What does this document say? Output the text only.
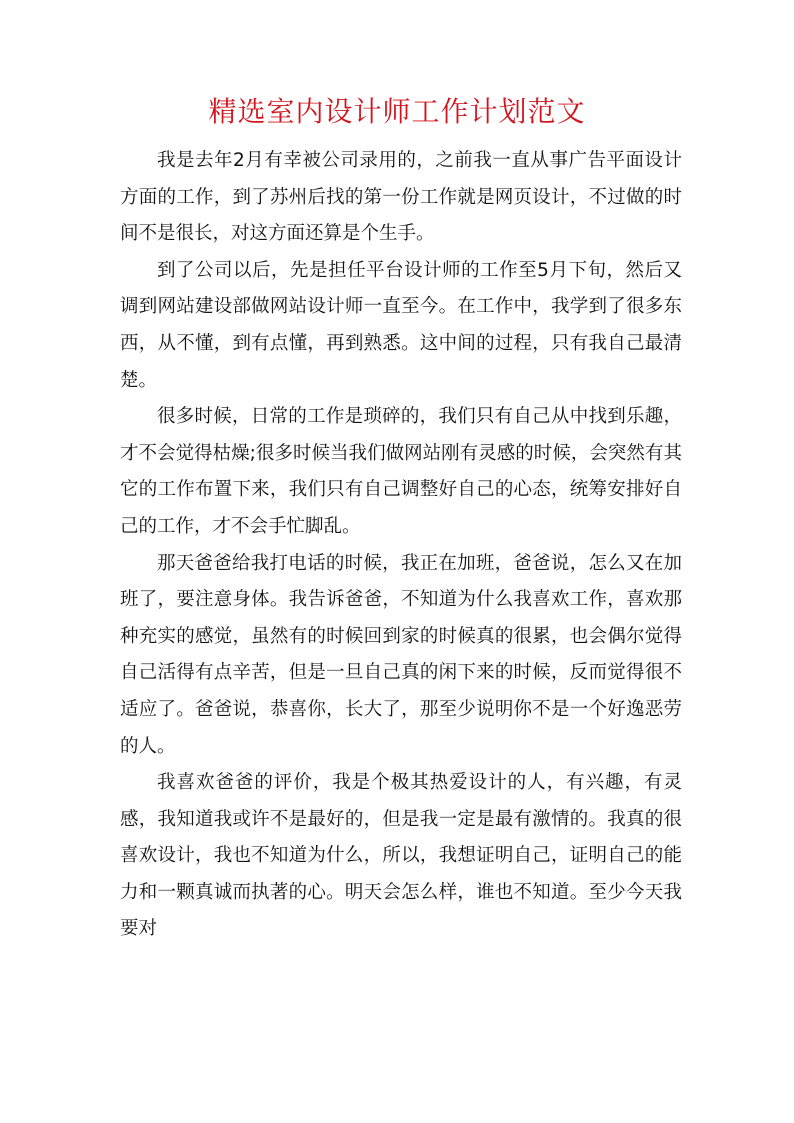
精选室内设计师工作计划范文

我是去年2月有幸被公司录用的，之前我一直从事广告平面设计方面的工作，到了苏州后找的第一份工作就是网页设计，不过做的时间不是很长，对这方面还算是个生手。

到了公司以后，先是担任平台设计师的工作至5月下旬，然后又调到网站建设部做网站设计师一直至今。在工作中，我学到了很多东西，从不懂，到有点懂，再到熟悉。这中间的过程，只有我自己最清楚。

很多时候，日常的工作是琐碎的，我们只有自己从中找到乐趣，才不会觉得枯燥;很多时候当我们做网站刚有灵感的时候，会突然有其它的工作布置下来，我们只有自己调整好自己的心态，统筹安排好自己的工作，才不会手忙脚乱。

那天爸爸给我打电话的时候，我正在加班，爸爸说，怎么又在加班了，要注意身体。我告诉爸爸，不知道为什么我喜欢工作，喜欢那种充实的感觉，虽然有的时候回到家的时候真的很累，也会偶尔觉得自己活得有点辛苦，但是一旦自己真的闲下来的时候，反而觉得很不适应了。爸爸说，恭喜你，长大了，那至少说明你不是一个好逸恶劳的人。

我喜欢爸爸的评价，我是个极其热爱设计的人，有兴趣，有灵感，我知道我或许不是最好的，但是我一定是最有激情的。我真的很喜欢设计，我也不知道为什么，所以，我想证明自己，证明自己的能力和一颗真诚而执著的心。明天会怎么样，谁也不知道。至少今天我要对
